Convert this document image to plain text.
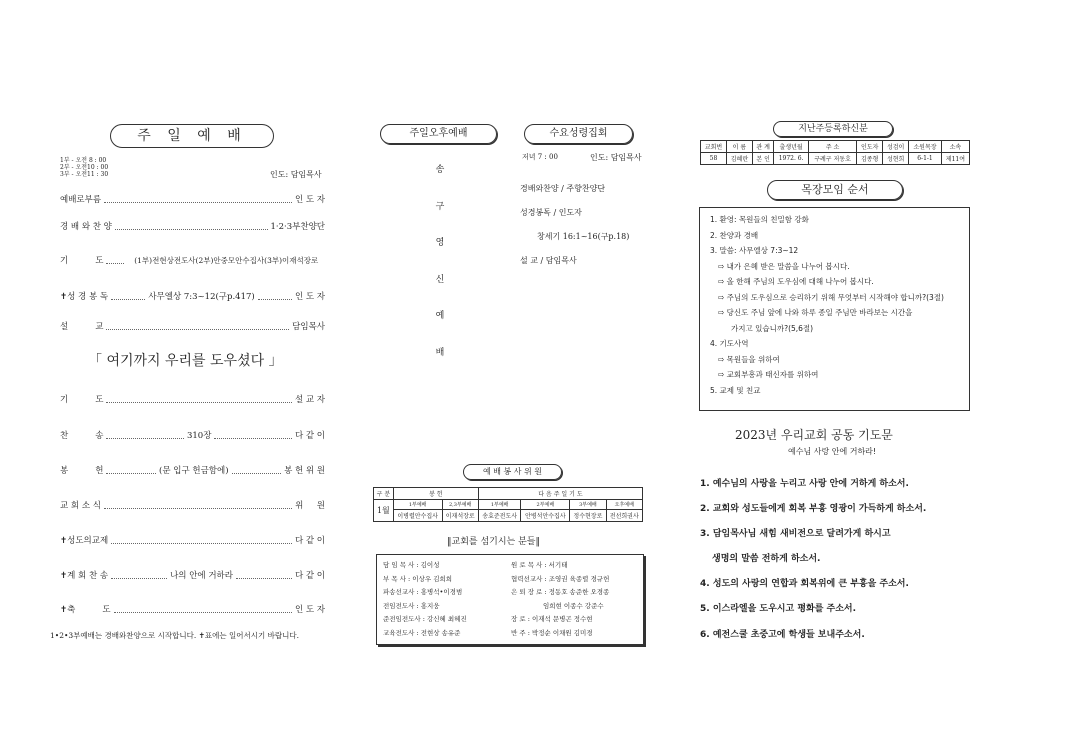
주 일 예 배
1부 - 오전 8 : 00
2부 - 오전10 : 00
3부 - 오전11 : 30	인도: 담임목사
예배로부름	인 도 자
경 배 와 찬 양	1·2·3부찬양단
기          도	(1부)전현상전도사(2부)안중모안수집사(3부)이재석장로
✝성 경 봉 독	사무엘상 7:3~12(구p.417)	인 도 자
설          교	담임목사
「 여기까지 우리를 도우셨다 」
기          도	설 교 자
찬          송	310장	다 같 이
봉          헌	(문 입구 헌금함에)	봉 헌 위 원
교 회 소 식	위     원
✝성도의교제	다 같 이
✝계 회 찬 송	나의 안에 거하라	다 같 이
✝축          도	인 도 자
1•2•3부예배는 경배와찬양으로 시작합니다. ✝표에는 일어서시기 바랍니다.
주일오후예배
송
구
영
신
예
배
수요성령집회
저녁 7 : 00	인도: 담임목사
경배와찬양 / 주향찬양단
성경봉독 / 인도자
창세기 16:1~16(구p.18)
설 교 / 담임목사
예 배 봉 사 위 원
구 분	봉 헌		다 음 주 일 기 도			
1월	1부예배	2,3부예배	1부예배	2부예배	3부예배	오후예배
	이병렬안수집사	이재석장로	송효준전도사	안병석안수집사	정수현장로	전선희권사
‖교회를 섬기시는 분들‖
담 임 목 사 : 김이성
부 목 사 : 이상우 김희희
파송선교사 : 홍병석•이경범
전임전도사 : 홍지웅
준전임전도사 : 강신혜 최혜진
교육전도사 : 전현상 송유준
원 로 목 사 : 서기태
협력선교사 : 조영권 육종렬 경규헌
은 퇴 장 로 : 정동호 송준한 오경종
임희현 이종수 강준수
장 로 : 이재석 문병곤 정수현
반 주 : 박정순 이채원 김미경
지난주등록하신분
교회번	이 름	관 계	출생년월	주 소	인도자	성검이	소원목장	소속
58	김혜란	본 인	1972. 6.	구례구 저동호	김종형	성현희	6-1-1	제11여
목장모임 순서
1. 환영: 목원들의 친밀함 강화
2. 찬양과 경배
3. 말씀: 사무엘상 7:3~12
⇨ 내가 은혜 받은 말씀을 나누어 봅시다.
⇨ 올 한해 주님의 도우심에 대해 나누어 봅시다.
⇨ 주님의 도우심으로 승리하기 위해 무엇부터 시작해야 합니까?(3절)
⇨ 당신도 주님 앞에 나와 하루 종일 주님만 바라보는 시간을
가지고 있습니까?(5,6절)
4. 기도사역
⇨ 목원들을 위하여
⇨ 교회부흥과 태신자를 위하여
5. 교제 및 친교
2023년 우리교회 공동 기도문
예수님 사랑 안에 거하라!
1. 예수님의 사랑을 누리고 사랑 안에 거하게 하소서.
2. 교회와 성도들에게 회복 부흥 영광이 가득하게 하소서.
3. 담임목사님 새힘 새비전으로 달려가게 하시고
생명의 말씀 전하게 하소서.
4. 성도의 사랑의 연합과 회복위에 큰 부흥을 주소서.
5. 이스라엘을 도우시고 평화를 주소서.
6. 예전스쿨 초중고에 학생들 보내주소서.
